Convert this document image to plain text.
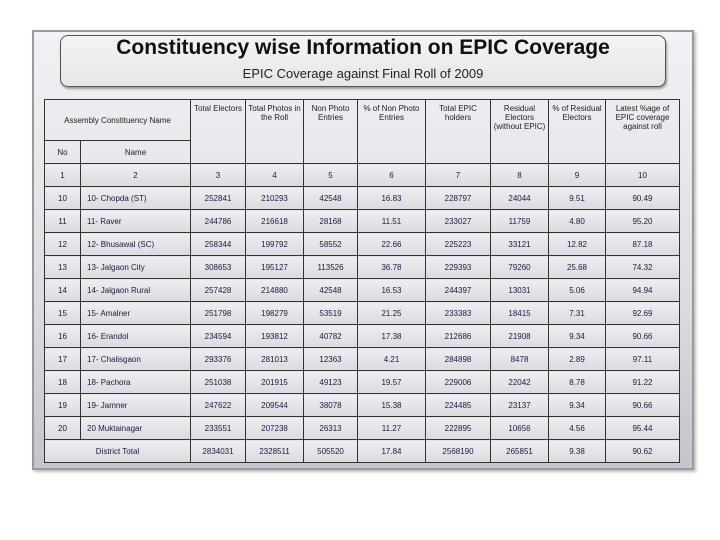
Constituency wise Information on EPIC Coverage
EPIC Coverage against Final Roll of 2009
Assembly Constituency Name		Total Electors	Total Photos in the Roll	Non Photo Entries	% of Non Photo Entries	Total EPIC holders	Residual Electors (without EPIC)	% of Residual Electors	Latest %age of EPIC coverage against roll
No	Name								
1	2	3	4	5	6	7	8	9	10
10	10- Chopda (ST)	252841	210293	42548	16.83	228797	24044	9.51	90.49
11	11- Raver	244786	216618	28168	11.51	233027	11759	4.80	95.20
12	12- Bhusawal (SC)	258344	199792	58552	22.66	225223	33121	12.82	87.18
13	13- Jalgaon City	308653	195127	113526	36.78	229393	79260	25.68	74.32
14	14- Jalgaon Rural	257428	214880	42548	16.53	244397	13031	5.06	94.94
15	15- Amalner	251798	198279	53519	21.25	233383	18415	7.31	92.69
16	16- Erandol	234594	193812	40782	17.38	212686	21908	9.34	90.66
17	17- Chalisgaon	293376	281013	12363	4.21	284898	8478	2.89	97.11
18	18- Pachora	251038	201915	49123	19.57	229006	22042	8.78	91.22
19	19- Jamner	247622	209544	38078	15.38	224485	23137	9.34	90.66
20	20 Muktainagar	233551	207238	26313	11.27	222895	10656	4.56	95.44
District Total		2834031	2328511	505520	17.84	2568190	265851	9.38	90.62
